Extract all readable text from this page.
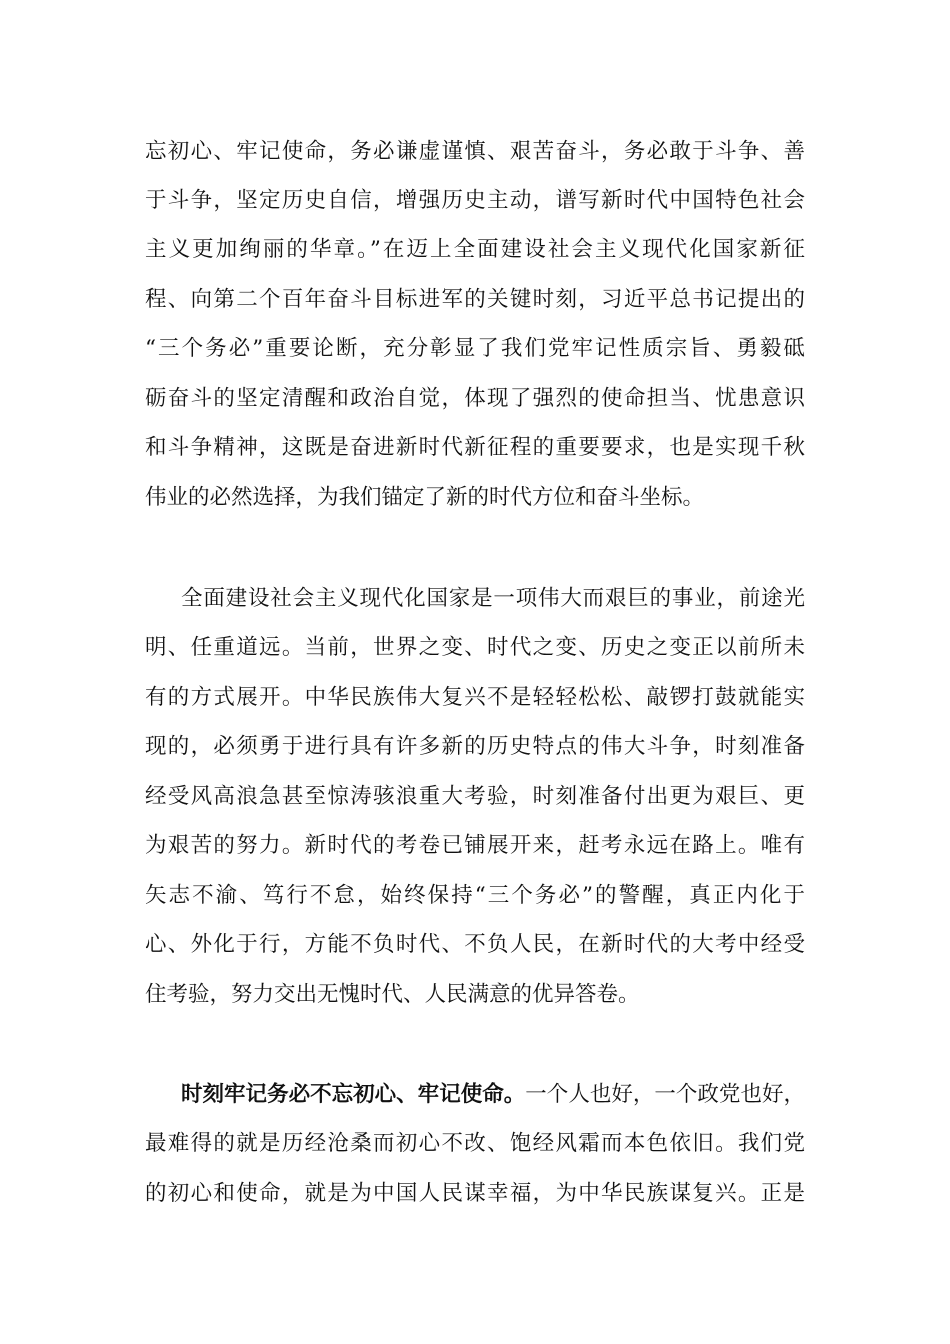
忘初心、牢记使命，务必谦虚谨慎、艰苦奋斗，务必敢于斗争、善
于斗争，坚定历史自信，增强历史主动，谱写新时代中国特色社会
主义更加绚丽的华章。”在迈上全面建设社会主义现代化国家新征
程、向第二个百年奋斗目标进军的关键时刻，习近平总书记提出的
“三个务必”重要论断，充分彰显了我们党牢记性质宗旨、勇毅砥
砺奋斗的坚定清醒和政治自觉，体现了强烈的使命担当、忧患意识
和斗争精神，这既是奋进新时代新征程的重要要求，也是实现千秋
伟业的必然选择，为我们锚定了新的时代方位和奋斗坐标。
全面建设社会主义现代化国家是一项伟大而艰巨的事业，前途光
明、任重道远。当前，世界之变、时代之变、历史之变正以前所未
有的方式展开。中华民族伟大复兴不是轻轻松松、敲锣打鼓就能实
现的，必须勇于进行具有许多新的历史特点的伟大斗争，时刻准备
经受风高浪急甚至惊涛骇浪重大考验，时刻准备付出更为艰巨、更
为艰苦的努力。新时代的考卷已铺展开来，赶考永远在路上。唯有
矢志不渝、笃行不怠，始终保持“三个务必”的警醒，真正内化于
心、外化于行，方能不负时代、不负人民，在新时代的大考中经受
住考验，努力交出无愧时代、人民满意的优异答卷。
时刻牢记务必不忘初心、牢记使命。一个人也好，一个政党也好，
最难得的就是历经沧桑而初心不改、饱经风霜而本色依旧。我们党
的初心和使命，就是为中国人民谋幸福，为中华民族谋复兴。正是
